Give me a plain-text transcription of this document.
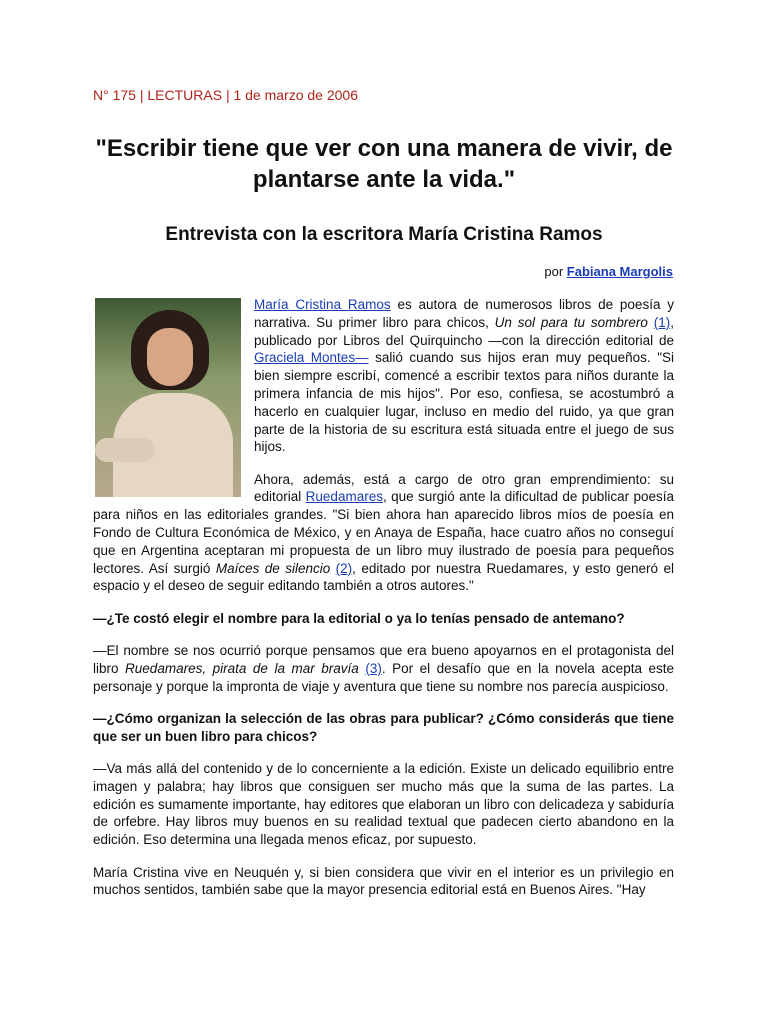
N° 175 | LECTURAS | 1 de marzo de 2006
"Escribir tiene que ver con una manera de vivir, de plantarse ante la vida."
Entrevista con la escritora María Cristina Ramos
por Fabiana Margolis

María Cristina Ramos es autora de numerosos libros de poesía y narrativa. Su primer libro para chicos, Un sol para tu sombrero (1), publicado por Libros del Quirquincho —con la dirección editorial de Graciela Montes— salió cuando sus hijos eran muy pequeños. "Si bien siempre escribí, comencé a escribir textos para niños durante la primera infancia de mis hijos". Por eso, confiesa, se acostumbró a hacerlo en cualquier lugar, incluso en medio del ruido, ya que gran parte de la historia de su escritura está situada entre el juego de sus hijos.

Ahora, además, está a cargo de otro gran emprendimiento: su editorial Ruedamares, que surgió ante la dificultad de publicar poesía para niños en las editoriales grandes. "Si bien ahora han aparecido libros míos de poesía en Fondo de Cultura Económica de México, y en Anaya de España, hace cuatro años no conseguí que en Argentina aceptaran mi propuesta de un libro muy ilustrado de poesía para pequeños lectores. Así surgió Maíces de silencio (2), editado por nuestra Ruedamares, y esto generó el espacio y el deseo de seguir editando también a otros autores."

—¿Te costó elegir el nombre para la editorial o ya lo tenías pensado de antemano?

—El nombre se nos ocurrió porque pensamos que era bueno apoyarnos en el protagonista del libro Ruedamares, pirata de la mar bravía (3). Por el desafío que en la novela acepta este personaje y porque la impronta de viaje y aventura que tiene su nombre nos parecía auspicioso.

—¿Cómo organizan la selección de las obras para publicar? ¿Cómo considerás que tiene que ser un buen libro para chicos?

—Va más allá del contenido y de lo concerniente a la edición. Existe un delicado equilibrio entre imagen y palabra; hay libros que consiguen ser mucho más que la suma de las partes. La edición es sumamente importante, hay editores que elaboran un libro con delicadeza y sabiduría de orfebre. Hay libros muy buenos en su realidad textual que padecen cierto abandono en la edición. Eso determina una llegada menos eficaz, por supuesto.

María Cristina vive en Neuquén y, si bien considera que vivir en el interior es un privilegio en muchos sentidos, también sabe que la mayor presencia editorial está en Buenos Aires. "Hay
